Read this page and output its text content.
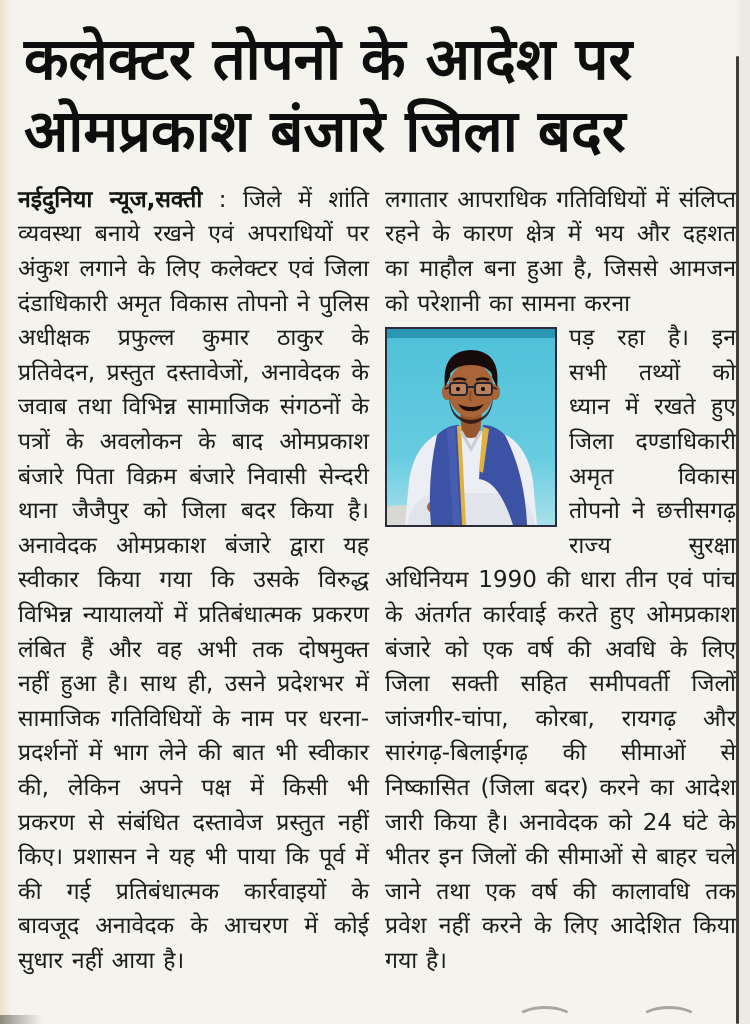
कलेक्टर तोपनो के आदेश पर
ओमप्रकाश बंजारे जिला बदर

नईदुनिया न्यूज,सक्ती : जिले में शांति व्यवस्था बनाये रखने एवं अपराधियों पर अंकुश लगाने के लिए कलेक्टर एवं जिला दंडाधिकारी अमृत विकास तोपनो ने पुलिस अधीक्षक प्रफुल्ल कुमार ठाकुर के प्रतिवेदन, प्रस्तुत दस्तावेजों, अनावेदक के जवाब तथा विभिन्न सामाजिक संगठनों के पत्रों के अवलोकन के बाद ओमप्रकाश बंजारे पिता विक्रम बंजारे निवासी सेन्दरी थाना जैजैपुर को जिला बदर किया है। अनावेदक ओमप्रकाश बंजारे द्वारा यह स्वीकार किया गया कि उसके विरुद्ध विभिन्न न्यायालयों में प्रतिबंधात्मक प्रकरण लंबित हैं और वह अभी तक दोषमुक्त नहीं हुआ है। साथ ही, उसने प्रदेशभर में सामाजिक गतिविधियों के नाम पर धरना-प्रदर्शनों में भाग लेने की बात भी स्वीकार की, लेकिन अपने पक्ष में किसी भी प्रकरण से संबंधित दस्तावेज प्रस्तुत नहीं किए। प्रशासन ने यह भी पाया कि पूर्व में की गई प्रतिबंधात्मक कार्रवाइयों के बावजूद अनावेदक के आचरण में कोई सुधार नहीं आया है।

लगातार आपराधिक गतिविधियों में संलिप्त रहने के कारण क्षेत्र में भय और दहशत का माहौल बना हुआ है, जिससे आमजन को परेशानी का सामना करना

पड़ रहा है। इन सभी तथ्यों को ध्यान में रखते हुए जिला दण्डाधिकारी अमृत विकास तोपनो ने छत्तीसगढ़ राज्य सुरक्षा अधिनियम 1990 की धारा तीन एवं पांच के अंतर्गत कार्रवाई करते हुए ओमप्रकाश बंजारे को एक वर्ष की अवधि के लिए जिला सक्ती सहित समीपवर्ती जिलों जांजगीर-चांपा, कोरबा, रायगढ़ और सारंगढ़-बिलाईगढ़ की सीमाओं से निष्कासित (जिला बदर) करने का आदेश जारी किया है। अनावेदक को 24 घंटे के भीतर इन जिलों की सीमाओं से बाहर चले जाने तथा एक वर्ष की कालावधि तक प्रवेश नहीं करने के लिए आदेशित किया गया है।
